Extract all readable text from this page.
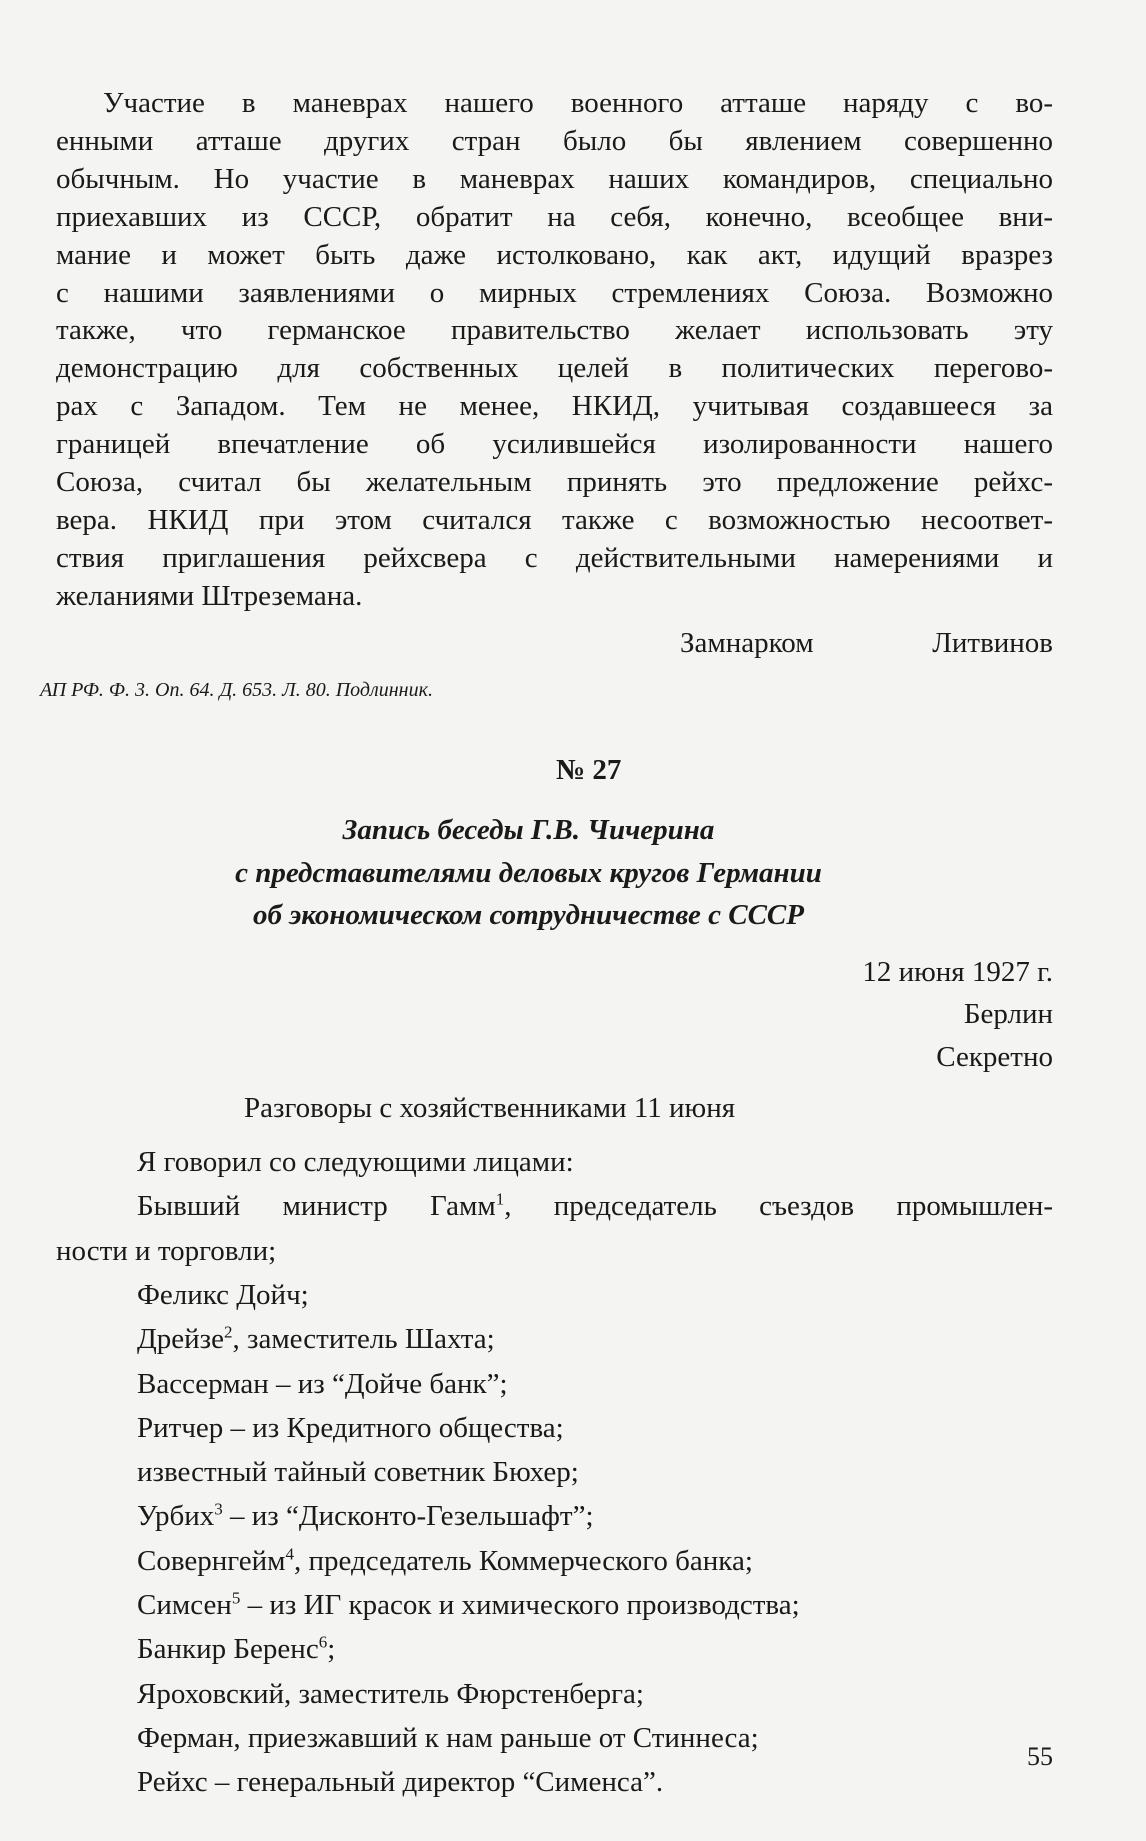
Участие в маневрах нашего военного атташе наряду с во-
енными атташе других стран было бы явлением совершенно
обычным. Но участие в маневрах наших командиров, специально
приехавших из СССР, обратит на себя, конечно, всеобщее вни-
мание и может быть даже истолковано, как акт, идущий вразрез
с нашими заявлениями о мирных стремлениях Союза. Возможно
также, что германское правительство желает использовать эту
демонстрацию для собственных целей в политических перегово-
рах с Западом. Тем не менее, НКИД, учитывая создавшееся за
границей впечатление об усилившейся изолированности нашего
Союза, считал бы желательным принять это предложение рейхс-
вера. НКИД при этом считался также с возможностью несоответ-
ствия приглашения рейхсвера с действительными намерениями и
желаниями Штреземана.
Замнарком	Литвинов
АП РФ. Ф. 3. Оп. 64. Д. 653. Л. 80. Подлинник.
№ 27
Запись беседы Г.В. Чичерина
с представителями деловых кругов Германии
об экономическом сотрудничестве с СССР
12 июня 1927 г.
Берлин
Секретно
Разговоры с хозяйственниками 11 июня
Я говорил со следующими лицами:
Бывший министр Гамм$^1$, председатель съездов промышлен-
ности и торговли;
Феликс Дойч;
Дрейзе$^2$, заместитель Шахта;
Вассерман – из “Дойче банк”;
Ритчер – из Кредитного общества;
известный тайный советник Бюхер;
Урбих$^3$ – из “Дисконто-Гезельшафт”;
Совернгейм$^4$, председатель Коммерческого банка;
Симсен$^5$ – из ИГ красок и химического производства;
Банкир Беренс$^6$;
Яроховский, заместитель Фюрстенберга;
Ферман, приезжавший к нам раньше от Стиннеса;
Рейхс – генеральный директор “Сименса”.
55
